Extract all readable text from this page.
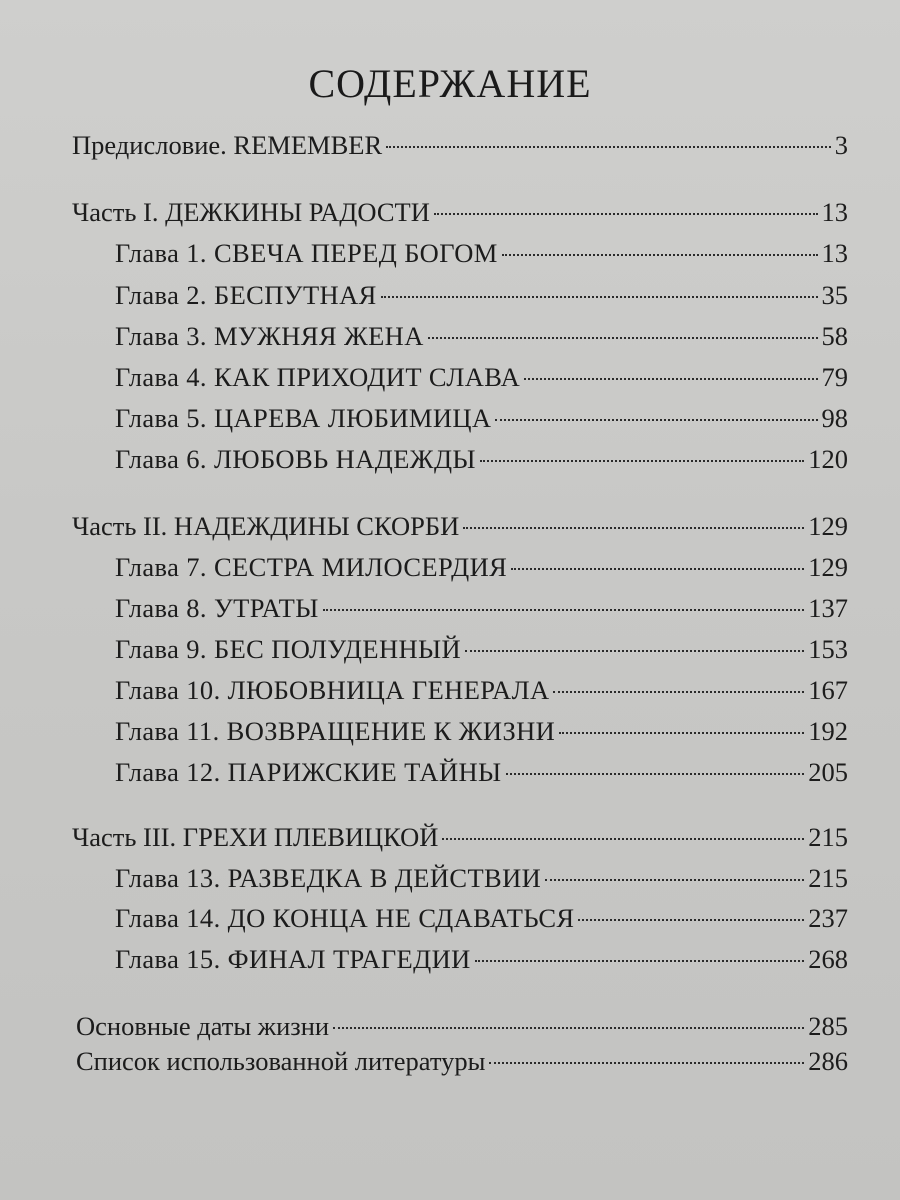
СОДЕРЖАНИЕ
Предисловие. REMEMBER	3
Часть I. ДЕЖКИНЫ РАДОСТИ	13
Глава 1. СВЕЧА ПЕРЕД БОГОМ	13
Глава 2. БЕСПУТНАЯ	35
Глава 3. МУЖНЯЯ ЖЕНА	58
Глава 4. КАК ПРИХОДИТ СЛАВА	79
Глава 5. ЦАРЕВА ЛЮБИМИЦА	98
Глава 6. ЛЮБОВЬ НАДЕЖДЫ	120
Часть II. НАДЕЖДИНЫ СКОРБИ	129
Глава 7. СЕСТРА МИЛОСЕРДИЯ	129
Глава 8. УТРАТЫ	137
Глава 9. БЕС ПОЛУДЕННЫЙ	153
Глава 10. ЛЮБОВНИЦА ГЕНЕРАЛА	167
Глава 11. ВОЗВРАЩЕНИЕ К ЖИЗНИ	192
Глава 12. ПАРИЖСКИЕ ТАЙНЫ	205
Часть III. ГРЕХИ ПЛЕВИЦКОЙ	215
Глава 13. РАЗВЕДКА В ДЕЙСТВИИ	215
Глава 14. ДО КОНЦА НЕ СДАВАТЬСЯ	237
Глава 15. ФИНАЛ ТРАГЕДИИ	268
Основные даты жизни	285
Список использованной литературы	286
